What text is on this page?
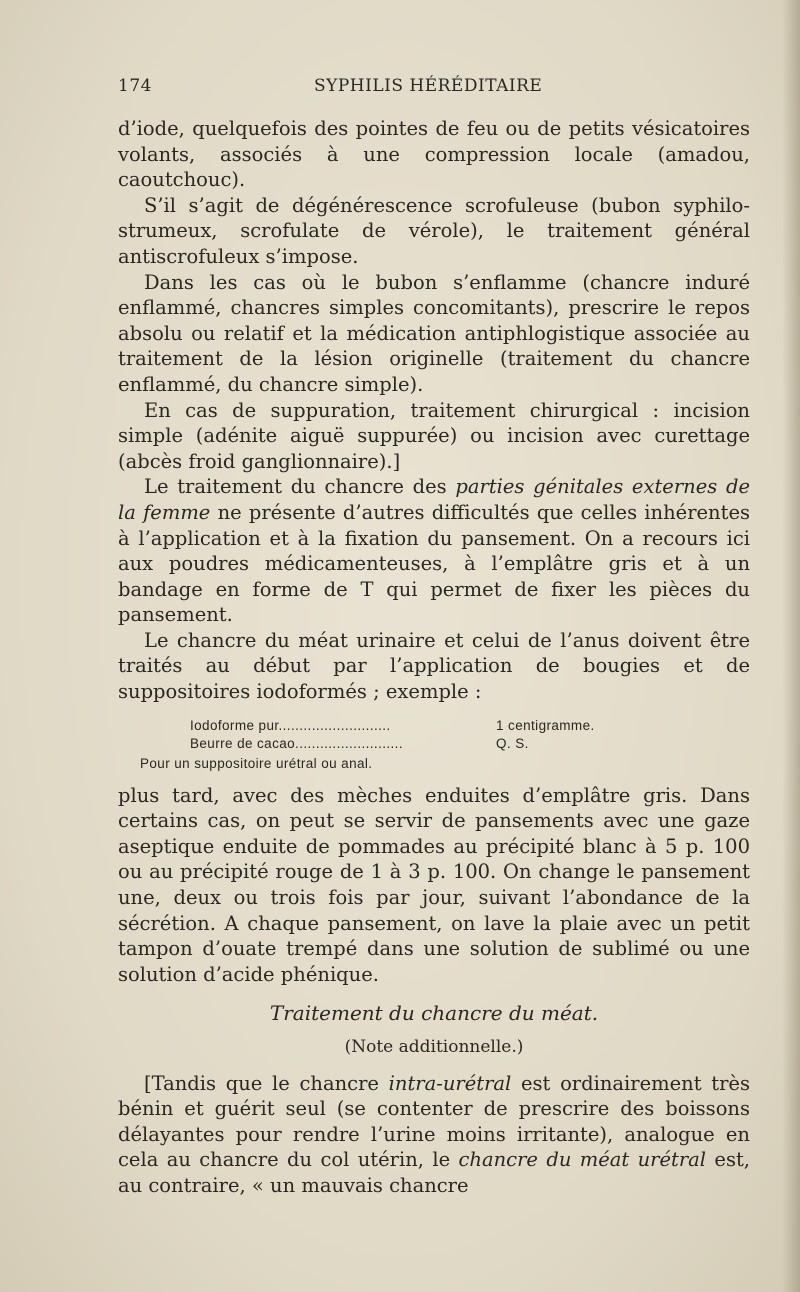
174	SYPHILIS HÉRÉDITAIRE

d’iode, quelquefois des pointes de feu ou de petits vésicatoires volants, associés à une compression locale (amadou, caoutchouc).

S’il s’agit de dégénérescence scrofuleuse (bubon syphilo-strumeux, scrofulate de vérole), le traitement général antiscrofuleux s’impose.

Dans les cas où le bubon s’enflamme (chancre induré enflammé, chancres simples concomitants), prescrire le repos absolu ou relatif et la médication antiphlogistique associée au traitement de la lésion originelle (traitement du chancre enflammé, du chancre simple).

En cas de suppuration, traitement chirurgical : incision simple (adénite aiguë suppurée) ou incision avec curettage (abcès froid ganglionnaire).]

Le traitement du chancre des parties génitales externes de la femme ne présente d’autres difficultés que celles inhérentes à l’application et à la fixation du pansement. On a recours ici aux poudres médicamenteuses, à l’emplâtre gris et à un bandage en forme de T qui permet de fixer les pièces du pansement.

Le chancre du méat urinaire et celui de l’anus doivent être traités au début par l’application de bougies et de suppositoires iodoformés ; exemple :

Iodoforme pur...........................	1 centigramme.
Beurre de cacao..........................	Q. S.
Pour un suppositoire urétral ou anal.

plus tard, avec des mèches enduites d’emplâtre gris. Dans certains cas, on peut se servir de pansements avec une gaze aseptique enduite de pommades au précipité blanc à 5 p. 100 ou au précipité rouge de 1 à 3 p. 100. On change le pansement une, deux ou trois fois par jour, suivant l’abondance de la sécrétion. A chaque pansement, on lave la plaie avec un petit tampon d’ouate trempé dans une solution de sublimé ou une solution d’acide phénique.

Traitement du chancre du méat.
(Note additionnelle.)

[Tandis que le chancre intra-urétral est ordinairement très bénin et guérit seul (se contenter de prescrire des boissons délayantes pour rendre l’urine moins irritante), analogue en cela au chancre du col utérin, le chancre du méat urétral est, au contraire, « un mauvais chancre
